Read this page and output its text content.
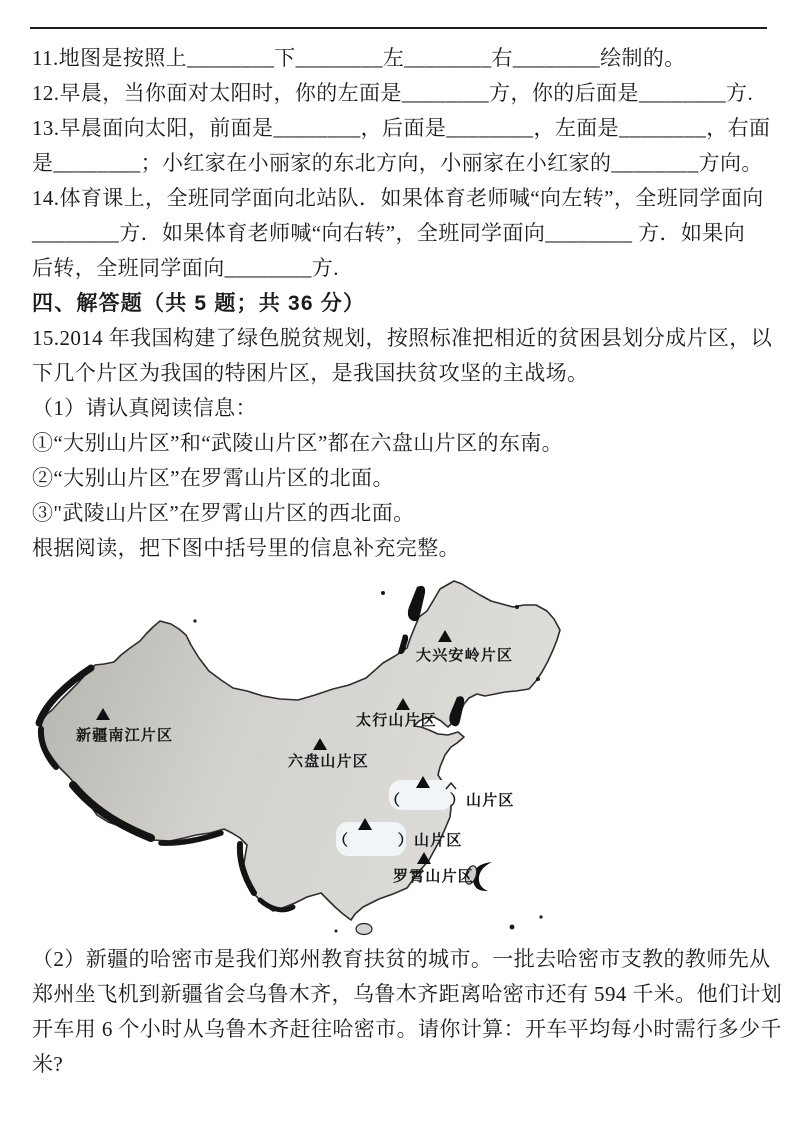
11.地图是按照上________下________左________右________绘制的。
12.早晨，当你面对太阳时，你的左面是________方，你的后面是________方.
13.早晨面向太阳，前面是________，后面是________，左面是________，右面
是________；小红家在小丽家的东北方向，小丽家在小红家的________方向。
14.体育课上，全班同学面向北站队．如果体育老师喊“向左转”，全班同学面向
________方．如果体育老师喊“向右转”，全班同学面向________ 方．如果向
后转，全班同学面向________方.
四、解答题（共 5 题；共 36 分）
15.2014 年我国构建了绿色脱贫规划，按照标准把相近的贫困县划分成片区，以
下几个片区为我国的特困片区，是我国扶贫攻坚的主战场。
（1）请认真阅读信息：
①“大别山片区”和“武陵山片区”都在六盘山片区的东南。
②“大别山片区”在罗霄山片区的北面。
③"武陵山片区”在罗霄山片区的西北面。
根据阅读，把下图中括号里的信息补充完整。
大兴安岭片区
太行山片区
新疆南江片区
六盘山片区
（　　　）山片区
（　　　）山片区
罗霄山片区
（2）新疆的哈密市是我们郑州教育扶贫的城市。一批去哈密市支教的教师先从
郑州坐飞机到新疆省会乌鲁木齐，乌鲁木齐距离哈密市还有 594 千米。他们计划
开车用 6 个小时从乌鲁木齐赶往哈密市。请你计算：开车平均每小时需行多少千
米?
